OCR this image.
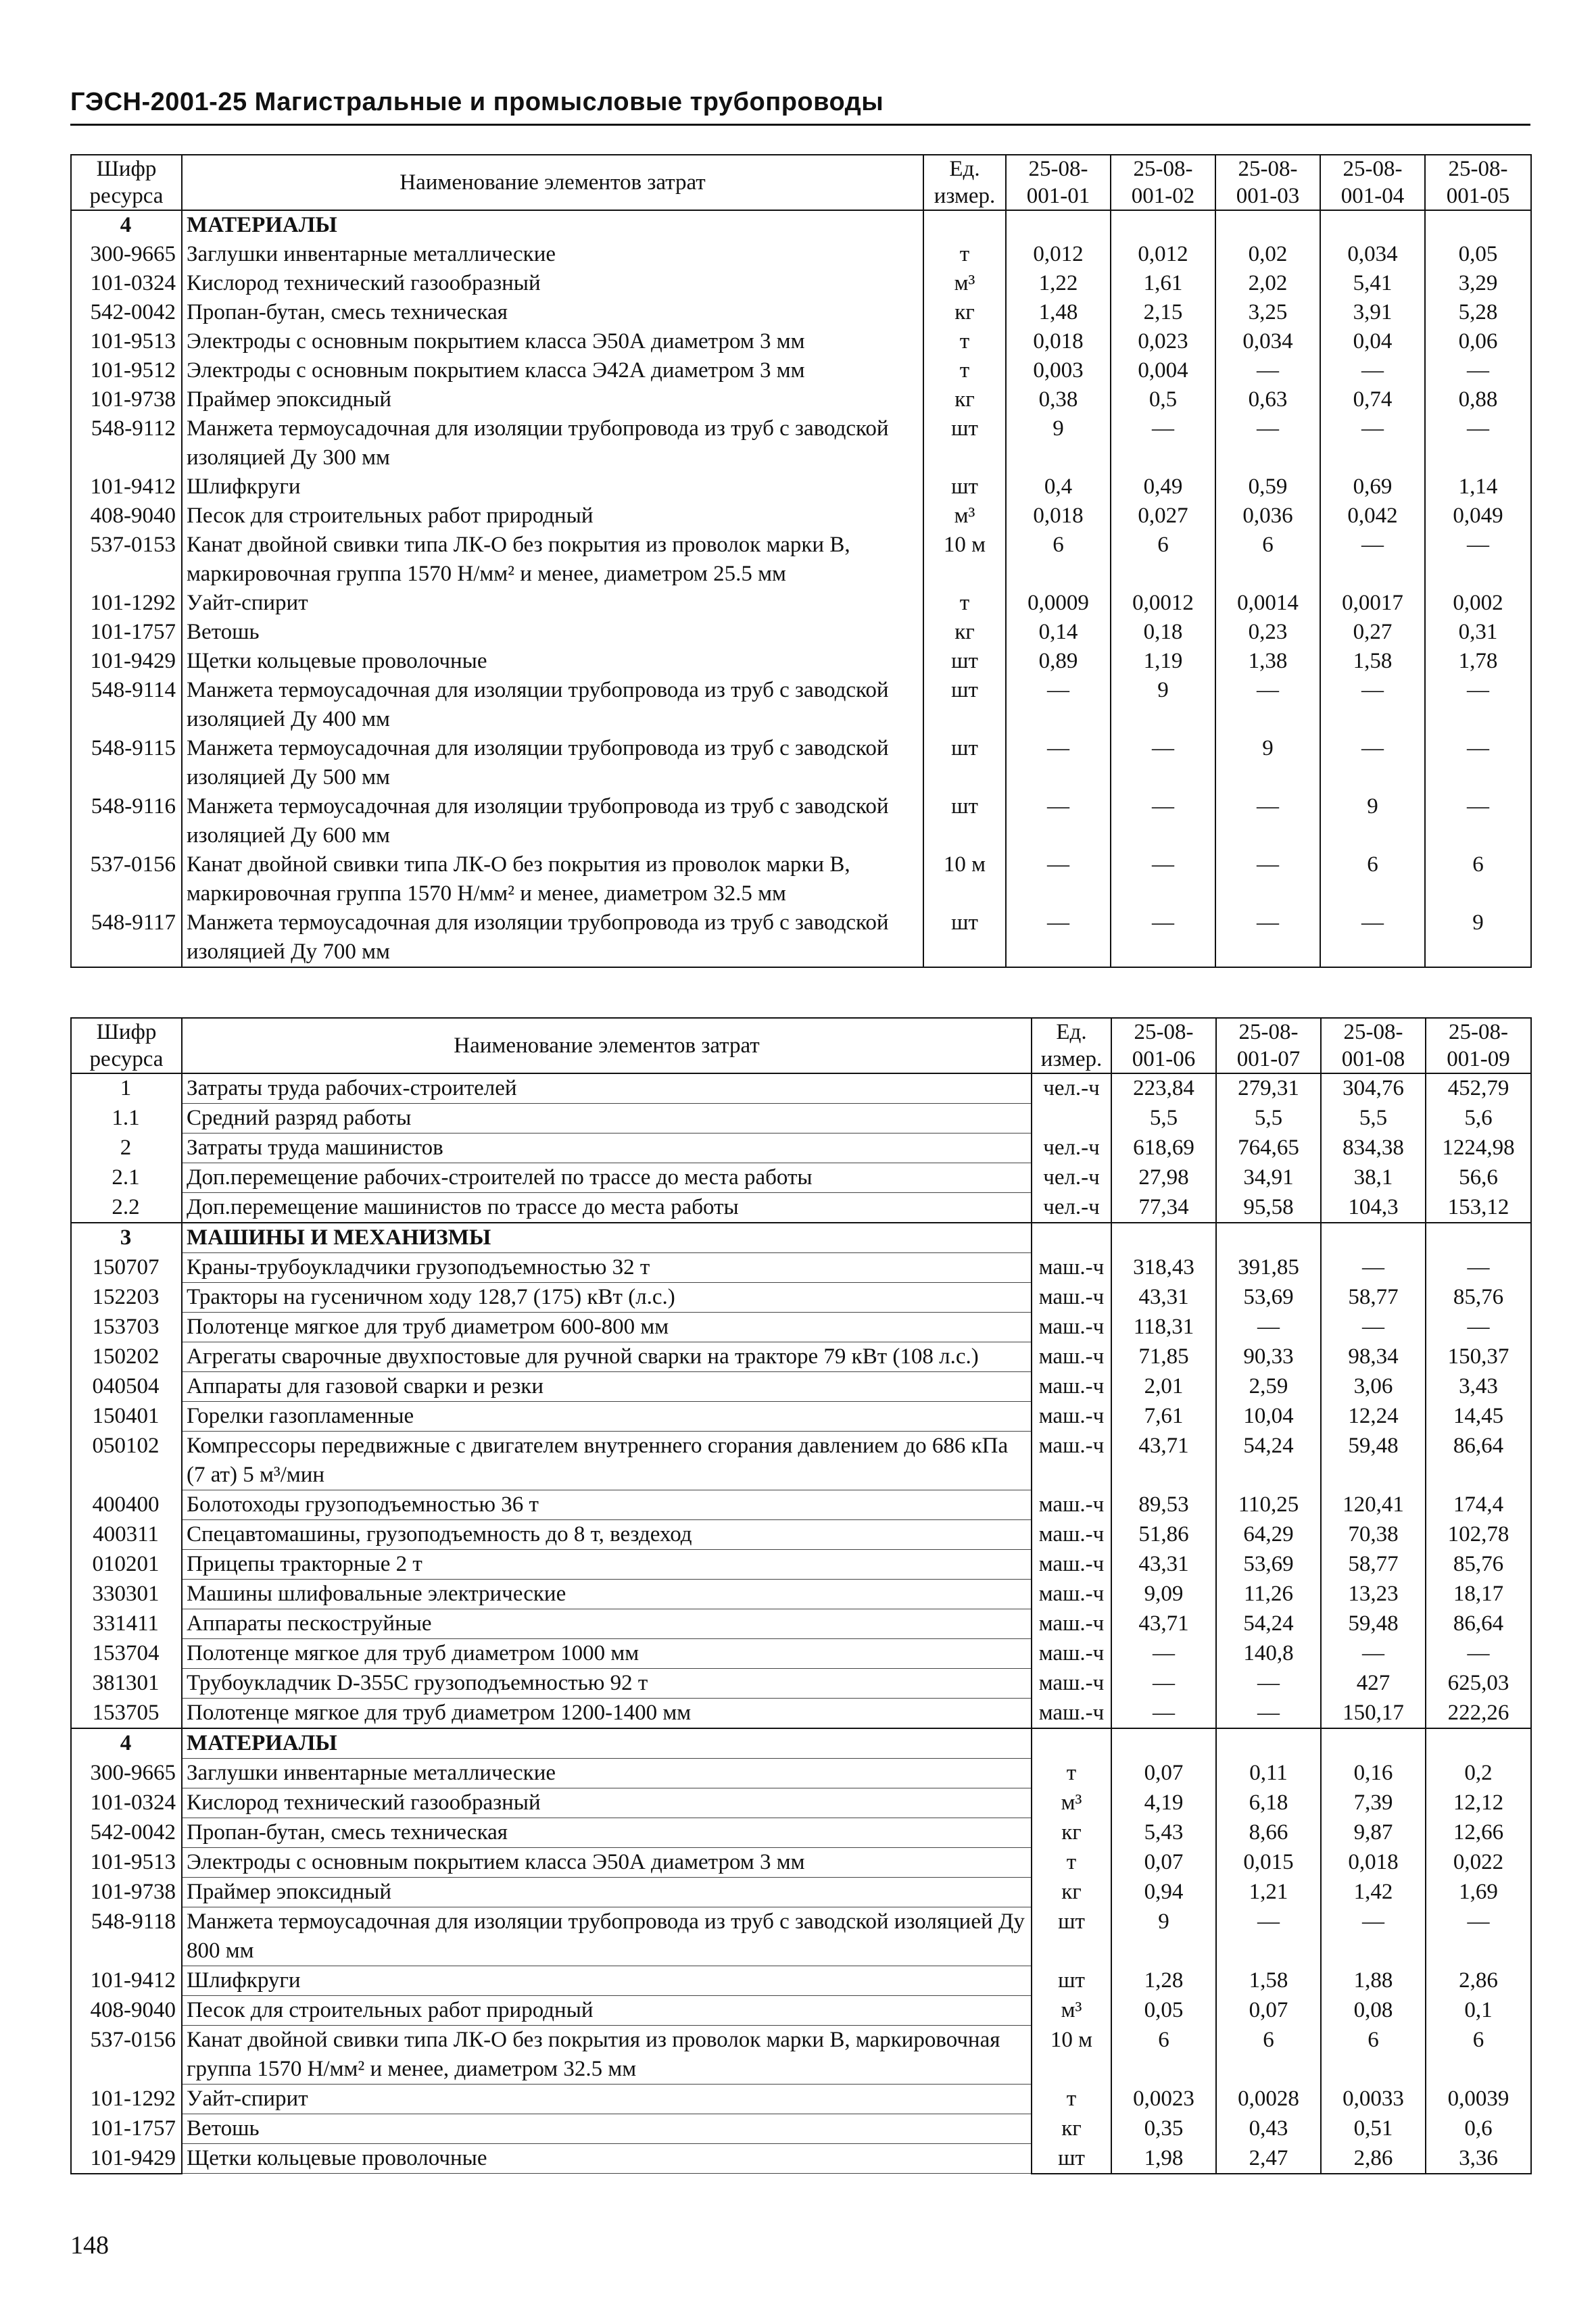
ГЭСН-2001-25 Магистральные и промысловые трубопроводы
Шифр ресурса	Наименование элементов затрат	Ед. измер.	25-08-001-01	25-08-001-02	25-08-001-03	25-08-001-04	25-08-001-05
4	МАТЕРИАЛЫ						
300-9665	Заглушки инвентарные металлические	т	0,012	0,012	0,02	0,034	0,05
101-0324	Кислород технический газообразный	м³	1,22	1,61	2,02	5,41	3,29
542-0042	Пропан-бутан, смесь техническая	кг	1,48	2,15	3,25	3,91	5,28
101-9513	Электроды с основным покрытием класса Э50А диаметром 3 мм	т	0,018	0,023	0,034	0,04	0,06
101-9512	Электроды с основным покрытием класса Э42А диаметром 3 мм	т	0,003	0,004	—	—	—
101-9738	Праймер эпоксидный	кг	0,38	0,5	0,63	0,74	0,88
548-9112	Манжета термоусадочная для изоляции трубопровода из труб с заводской изоляцией Ду 300 мм	шт	9	—	—	—	—
101-9412	Шлифкруги	шт	0,4	0,49	0,59	0,69	1,14
408-9040	Песок для строительных работ природный	м³	0,018	0,027	0,036	0,042	0,049
537-0153	Канат двойной свивки типа ЛК-О без покрытия из проволок марки В, маркировочная группа 1570 Н/мм² и менее, диаметром 25.5 мм	10 м	6	6	6	—	—
101-1292	Уайт-спирит	т	0,0009	0,0012	0,0014	0,0017	0,002
101-1757	Ветошь	кг	0,14	0,18	0,23	0,27	0,31
101-9429	Щетки кольцевые проволочные	шт	0,89	1,19	1,38	1,58	1,78
548-9114	Манжета термоусадочная для изоляции трубопровода из труб с заводской изоляцией Ду 400 мм	шт	—	9	—	—	—
548-9115	Манжета термоусадочная для изоляции трубопровода из труб с заводской изоляцией Ду 500 мм	шт	—	—	9	—	—
548-9116	Манжета термоусадочная для изоляции трубопровода из труб с заводской изоляцией Ду 600 мм	шт	—	—	—	9	—
537-0156	Канат двойной свивки типа ЛК-О без покрытия из проволок марки В, маркировочная группа 1570 Н/мм² и менее, диаметром 32.5 мм	10 м	—	—	—	6	6
548-9117	Манжета термоусадочная для изоляции трубопровода из труб с заводской изоляцией Ду 700 мм	шт	—	—	—	—	9
Шифр ресурса	Наименование элементов затрат	Ед. измер.	25-08-001-06	25-08-001-07	25-08-001-08	25-08-001-09
1	Затраты труда рабочих-строителей	чел.-ч	223,84	279,31	304,76	452,79
1.1	Средний разряд работы		5,5	5,5	5,5	5,6
2	Затраты труда машинистов	чел.-ч	618,69	764,65	834,38	1224,98
2.1	Доп.перемещение рабочих-строителей по трассе до места работы	чел.-ч	27,98	34,91	38,1	56,6
2.2	Доп.перемещение машинистов по трассе до места работы	чел.-ч	77,34	95,58	104,3	153,12
3	МАШИНЫ И МЕХАНИЗМЫ					
150707	Краны-трубоукладчики грузоподъемностью 32 т	маш.-ч	318,43	391,85	—	—
152203	Тракторы на гусеничном ходу 128,7 (175) кВт (л.с.)	маш.-ч	43,31	53,69	58,77	85,76
153703	Полотенце мягкое для труб диаметром 600-800 мм	маш.-ч	118,31	—	—	—
150202	Агрегаты сварочные двухпостовые для ручной сварки на тракторе 79 кВт (108 л.с.)	маш.-ч	71,85	90,33	98,34	150,37
040504	Аппараты для газовой сварки и резки	маш.-ч	2,01	2,59	3,06	3,43
150401	Горелки газопламенные	маш.-ч	7,61	10,04	12,24	14,45
050102	Компрессоры передвижные с двигателем внутреннего сгорания давлением до 686 кПа (7 ат) 5 м³/мин	маш.-ч	43,71	54,24	59,48	86,64
400400	Болотоходы грузоподъемностью 36 т	маш.-ч	89,53	110,25	120,41	174,4
400311	Спецавтомашины, грузоподъемность до 8 т, вездеход	маш.-ч	51,86	64,29	70,38	102,78
010201	Прицепы тракторные 2 т	маш.-ч	43,31	53,69	58,77	85,76
330301	Машины шлифовальные электрические	маш.-ч	9,09	11,26	13,23	18,17
331411	Аппараты пескоструйные	маш.-ч	43,71	54,24	59,48	86,64
153704	Полотенце мягкое для труб диаметром 1000 мм	маш.-ч	—	140,8	—	—
381301	Трубоукладчик D-355C грузоподъемностью 92 т	маш.-ч	—	—	427	625,03
153705	Полотенце мягкое для труб диаметром 1200-1400 мм	маш.-ч	—	—	150,17	222,26
4	МАТЕРИАЛЫ					
300-9665	Заглушки инвентарные металлические	т	0,07	0,11	0,16	0,2
101-0324	Кислород технический газообразный	м³	4,19	6,18	7,39	12,12
542-0042	Пропан-бутан, смесь техническая	кг	5,43	8,66	9,87	12,66
101-9513	Электроды с основным покрытием класса Э50А диаметром 3 мм	т	0,07	0,015	0,018	0,022
101-9738	Праймер эпоксидный	кг	0,94	1,21	1,42	1,69
548-9118	Манжета термоусадочная для изоляции трубопровода из труб с заводской изоляцией Ду 800 мм	шт	9	—	—	—
101-9412	Шлифкруги	шт	1,28	1,58	1,88	2,86
408-9040	Песок для строительных работ природный	м³	0,05	0,07	0,08	0,1
537-0156	Канат двойной свивки типа ЛК-О без покрытия из проволок марки В, маркировочная группа 1570 Н/мм² и менее, диаметром 32.5 мм	10 м	6	6	6	6
101-1292	Уайт-спирит	т	0,0023	0,0028	0,0033	0,0039
101-1757	Ветошь	кг	0,35	0,43	0,51	0,6
101-9429	Щетки кольцевые проволочные	шт	1,98	2,47	2,86	3,36
148
